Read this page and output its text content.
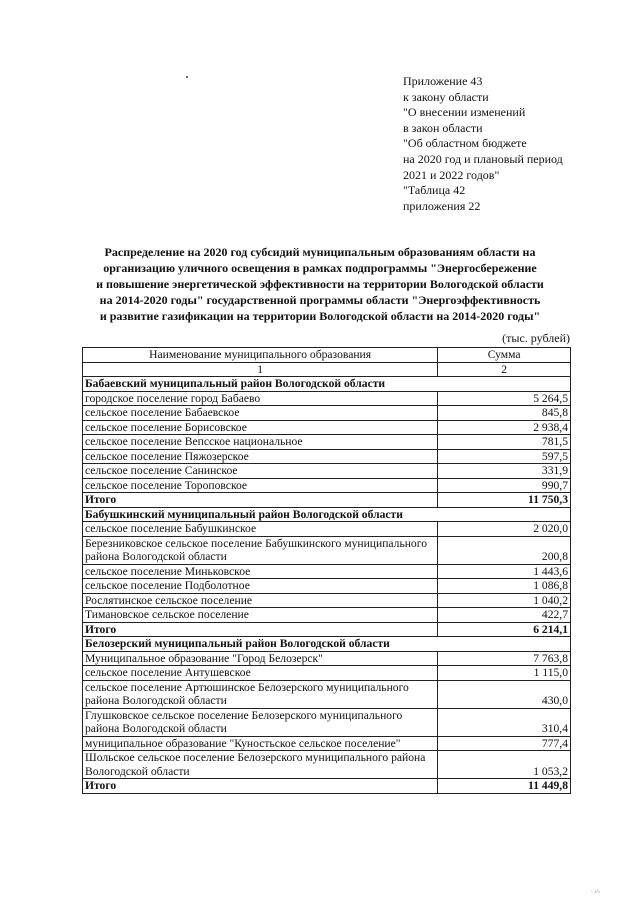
Приложение 43
к закону области
"О внесении изменений
в закон области
"Об областном бюджете
на 2020 год и плановый период
2021 и 2022 годов"
"Таблица 42
приложения 22
Распределение на 2020 год субсидий муниципальным образованиям области на
организацию уличного освещения в рамках подпрограммы "Энергосбережение
и повышение энергетической эффективности на территории Вологодской области
на 2014-2020 годы" государственной программы области "Энергоэффективность
и развитие газификации на территории Вологодской области на 2014-2020 годы"
(тыс. рублей)
Наименование муниципального образования	Сумма
1	2
Бабаевский муниципальный район Вологодской области	
городское поселение город Бабаево	5 264,5
сельское поселение Бабаевское	845,8
сельское поселение Борисовское	2 938,4
сельское поселение Вепсское национальное	781,5
сельское поселение Пяжозерское	597,5
сельское поселение Санинское	331,9
сельское поселение Тороповское	990,7
Итого	11 750,3
Бабушкинский муниципальный район Вологодской области	
сельское поселение Бабушкинское	2 020,0
Березниковское сельское поселение Бабушкинского муниципального района Вологодской области	200,8
сельское поселение Миньковское	1 443,6
сельское поселение Подболотное	1 086,8
Рослятинское сельское поселение	1 040,2
Тимановское сельское поселение	422,7
Итого	6 214,1
Белозерский муниципальный район Вологодской области	
Муниципальное образование "Город Белозерск"	7 763,8
сельское поселение Антушевское	1 115,0
сельское поселение Артюшинское Белозерского муниципального района Вологодской области	430,0
Глушковское сельское поселение Белозерского муниципального района Вологодской области	310,4
муниципальное образование "Куностьское сельское поселение"	777,4
Шольское сельское поселение Белозерского муниципального района Вологодской области	1 053,2
Итого	11 449,8
· ‹/›
